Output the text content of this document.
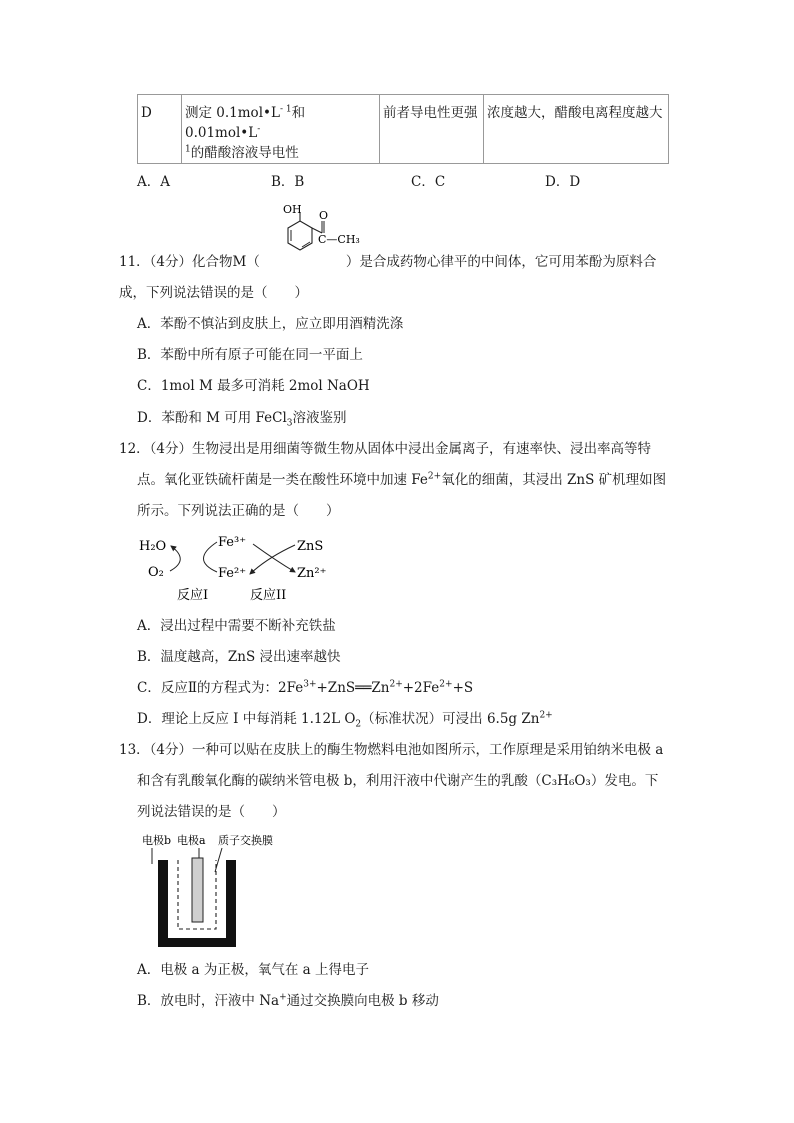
D	测定 $0.1mol•L^{- 1}$和 0.01mol•L-
$^1$的醋酸溶液导电性	前者导电性更强	浓度越大，醋酸电离程度越大
A．A	B．B	C．C	D．D
OH O
C—CH₃
11．（4分）化合物M（	）是合成药物心律平的中间体，它可用苯酚为原料合
成，下列说法错误的是（　　）
A．苯酚不慎沾到皮肤上，应立即用酒精洗涤
B．苯酚中所有原子可能在同一平面上
C．1mol M 最多可消耗 2mol NaOH
D．苯酚和 M 可用 FeCl$_3$溶液鉴别
12．（4分）生物浸出是用细菌等微生物从固体中浸出金属离子，有速率快、浸出率高等特
点。氧化亚铁硫杆菌是一类在酸性环境中加速 $Fe^{2+}$氧化的细菌，其浸出 ZnS 矿机理如图
所示。下列说法正确的是（　　）
H₂O
O₂
Fe³⁺
Fe²⁺
ZnS
Zn²⁺
反应I	反应II
A．浸出过程中需要不断补充铁盐
B．温度越高，ZnS 浸出速率越快
C．反应Ⅱ的方程式为：$2Fe^{3+}+ZnS══Zn^{2+}+2Fe^{2+}+S$
D．理论上反应 I 中每消耗 1.12L $O_2$（标准状况）可浸出 6.5g $Zn^{2+}$
13．（4分）一种可以贴在皮肤上的酶生物燃料电池如图所示，工作原理是采用铂纳米电极 a
和含有乳酸氧化酶的碳纳米管电极 b，利用汗液中代谢产生的乳酸（C₃H₆O₃）发电。下
列说法错误的是（　　）
电极b 电极a 质子交换膜
A．电极 a 为正极，氧气在 a 上得电子
B．放电时，汗液中 Na+通过交换膜向电极 b 移动
